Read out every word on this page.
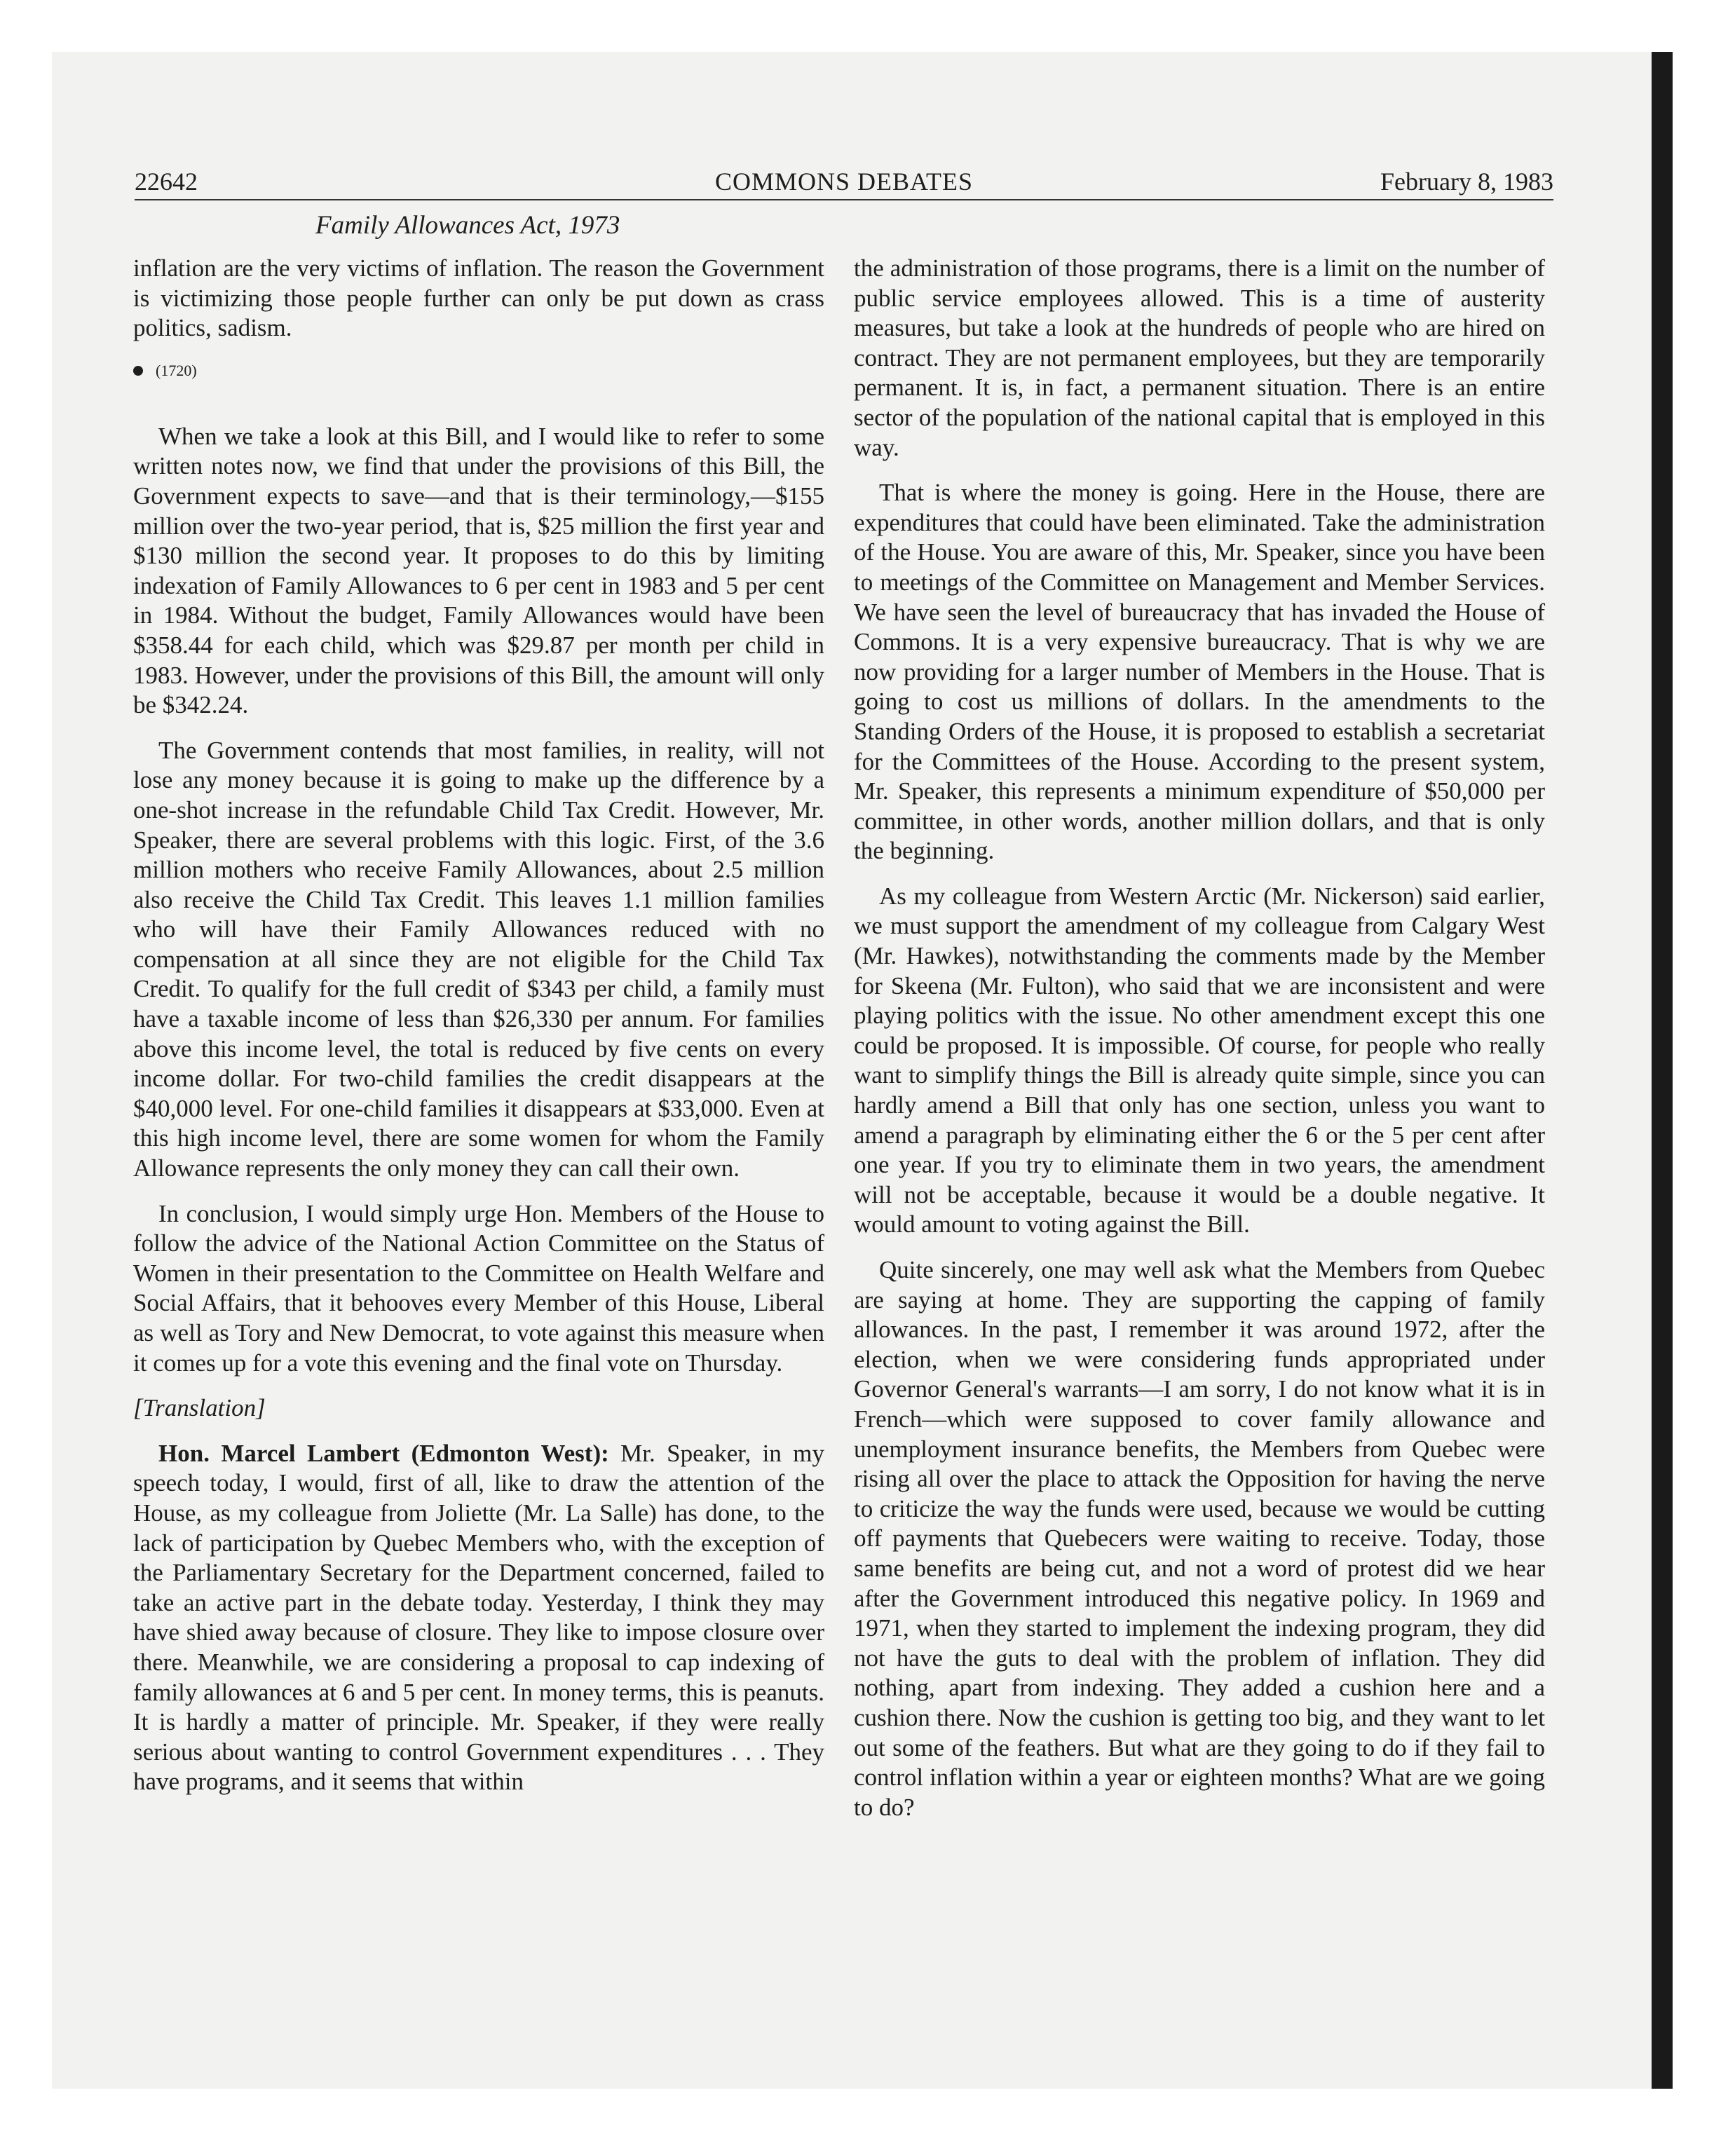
22642	COMMONS DEBATES	February 8, 1983
Family Allowances Act, 1973

inflation are the very victims of inflation. The reason the Government is victimizing those people further can only be put down as crass politics, sadism.

(1720)

When we take a look at this Bill, and I would like to refer to some written notes now, we find that under the provisions of this Bill, the Government expects to save—and that is their terminology,—$155 million over the two-year period, that is, $25 million the first year and $130 million the second year. It proposes to do this by limiting indexation of Family Allowances to 6 per cent in 1983 and 5 per cent in 1984. Without the budget, Family Allowances would have been $358.44 for each child, which was $29.87 per month per child in 1983. However, under the provisions of this Bill, the amount will only be $342.24.

The Government contends that most families, in reality, will not lose any money because it is going to make up the difference by a one-shot increase in the refundable Child Tax Credit. However, Mr. Speaker, there are several problems with this logic. First, of the 3.6 million mothers who receive Family Allowances, about 2.5 million also receive the Child Tax Credit. This leaves 1.1 million families who will have their Family Allowances reduced with no compensation at all since they are not eligible for the Child Tax Credit. To qualify for the full credit of $343 per child, a family must have a taxable income of less than $26,330 per annum. For families above this income level, the total is reduced by five cents on every income dollar. For two-child families the credit disappears at the $40,000 level. For one-child families it disappears at $33,000. Even at this high income level, there are some women for whom the Family Allowance represents the only money they can call their own.

In conclusion, I would simply urge Hon. Members of the House to follow the advice of the National Action Committee on the Status of Women in their presentation to the Committee on Health Welfare and Social Affairs, that it behooves every Member of this House, Liberal as well as Tory and New Democrat, to vote against this measure when it comes up for a vote this evening and the final vote on Thursday.

[Translation]

Hon. Marcel Lambert (Edmonton West): Mr. Speaker, in my speech today, I would, first of all, like to draw the attention of the House, as my colleague from Joliette (Mr. La Salle) has done, to the lack of participation by Quebec Members who, with the exception of the Parliamentary Secretary for the Department concerned, failed to take an active part in the debate today. Yesterday, I think they may have shied away because of closure. They like to impose closure over there. Meanwhile, we are considering a proposal to cap indexing of family allowances at 6 and 5 per cent. In money terms, this is peanuts. It is hardly a matter of principle. Mr. Speaker, if they were really serious about wanting to control Government expenditures . . . They have programs, and it seems that within

the administration of those programs, there is a limit on the number of public service employees allowed. This is a time of austerity measures, but take a look at the hundreds of people who are hired on contract. They are not permanent employees, but they are temporarily permanent. It is, in fact, a permanent situation. There is an entire sector of the population of the national capital that is employed in this way.

That is where the money is going. Here in the House, there are expenditures that could have been eliminated. Take the administration of the House. You are aware of this, Mr. Speaker, since you have been to meetings of the Committee on Management and Member Services. We have seen the level of bureaucracy that has invaded the House of Commons. It is a very expensive bureaucracy. That is why we are now providing for a larger number of Members in the House. That is going to cost us millions of dollars. In the amendments to the Standing Orders of the House, it is proposed to establish a secretariat for the Committees of the House. According to the present system, Mr. Speaker, this represents a minimum expenditure of $50,000 per committee, in other words, another million dollars, and that is only the beginning.

As my colleague from Western Arctic (Mr. Nickerson) said earlier, we must support the amendment of my colleague from Calgary West (Mr. Hawkes), notwithstanding the comments made by the Member for Skeena (Mr. Fulton), who said that we are inconsistent and were playing politics with the issue. No other amendment except this one could be proposed. It is impossible. Of course, for people who really want to simplify things the Bill is already quite simple, since you can hardly amend a Bill that only has one section, unless you want to amend a paragraph by eliminating either the 6 or the 5 per cent after one year. If you try to eliminate them in two years, the amendment will not be acceptable, because it would be a double negative. It would amount to voting against the Bill.

Quite sincerely, one may well ask what the Members from Quebec are saying at home. They are supporting the capping of family allowances. In the past, I remember it was around 1972, after the election, when we were considering funds appropriated under Governor General's warrants—I am sorry, I do not know what it is in French—which were supposed to cover family allowance and unemployment insurance benefits, the Members from Quebec were rising all over the place to attack the Opposition for having the nerve to criticize the way the funds were used, because we would be cutting off payments that Quebecers were waiting to receive. Today, those same benefits are being cut, and not a word of protest did we hear after the Government introduced this negative policy. In 1969 and 1971, when they started to implement the indexing program, they did not have the guts to deal with the problem of inflation. They did nothing, apart from indexing. They added a cushion here and a cushion there. Now the cushion is getting too big, and they want to let out some of the feathers. But what are they going to do if they fail to control inflation within a year or eighteen months? What are we going to do?
